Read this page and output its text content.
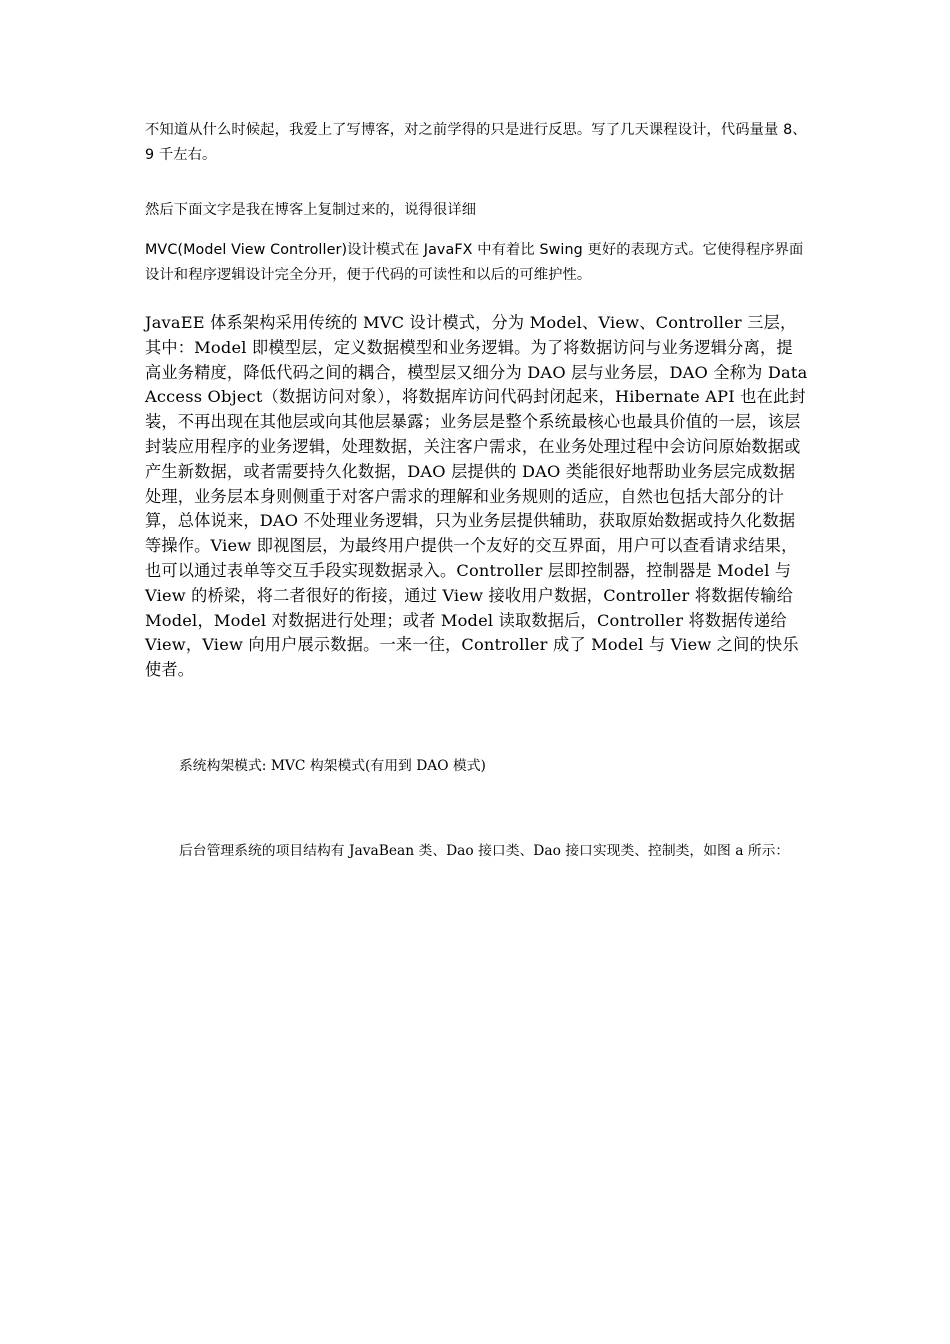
不知道从什么时候起，我爱上了写博客，对之前学得的只是进行反思。写了几天课程设计，代码量量 8、9 千左右。

然后下面文字是我在博客上复制过来的，说得很详细

MVC(Model View Controller)设计模式在 JavaFX 中有着比 Swing 更好的表现方式。它使得程序界面设计和程序逻辑设计完全分开，便于代码的可读性和以后的可维护性。

JavaEE 体系架构采用传统的 MVC 设计模式，分为 Model、View、Controller 三层，其中：Model 即模型层，定义数据模型和业务逻辑。为了将数据访问与业务逻辑分离，提高业务精度，降低代码之间的耦合，模型层又细分为 DAO 层与业务层，DAO 全称为 Data Access Object（数据访问对象），将数据库访问代码封闭起来，Hibernate API 也在此封装，不再出现在其他层或向其他层暴露；业务层是整个系统最核心也最具价值的一层，该层封装应用程序的业务逻辑，处理数据，关注客户需求，在业务处理过程中会访问原始数据或产生新数据，或者需要持久化数据，DAO 层提供的 DAO 类能很好地帮助业务层完成数据处理，业务层本身则侧重于对客户需求的理解和业务规则的适应，自然也包括大部分的计算，总体说来，DAO 不处理业务逻辑，只为业务层提供辅助，获取原始数据或持久化数据等操作。View 即视图层，为最终用户提供一个友好的交互界面，用户可以查看请求结果，也可以通过表单等交互手段实现数据录入。Controller 层即控制器，控制器是 Model 与 View 的桥梁，将二者很好的衔接，通过 View 接收用户数据，Controller 将数据传输给 Model，Model 对数据进行处理；或者 Model 读取数据后，Controller 将数据传递给 View，View 向用户展示数据。一来一往，Controller 成了 Model 与 View 之间的快乐使者。

系统构架模式: MVC 构架模式(有用到 DAO 模式)

后台管理系统的项目结构有 JavaBean 类、Dao 接口类、Dao 接口实现类、控制类，如图 a 所示：
